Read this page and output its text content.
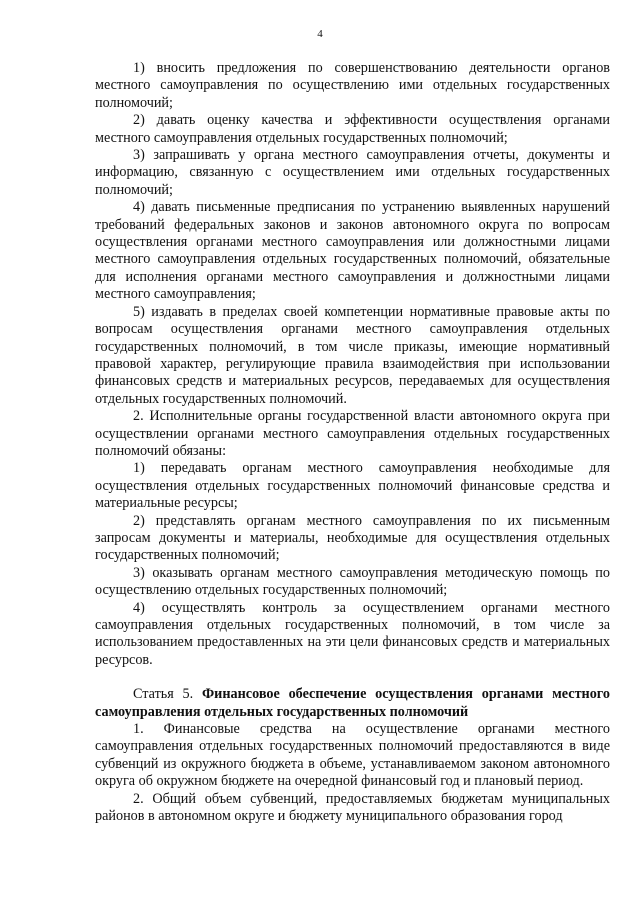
4

1) вносить предложения по совершенствованию деятельности органов местного самоуправления по осуществлению ими отдельных государственных полномочий;

2) давать оценку качества и эффективности осуществления органами местного самоуправления отдельных государственных полномочий;

3) запрашивать у органа местного самоуправления отчеты, документы и информацию, связанную с осуществлением ими отдельных государственных полномочий;

4) давать письменные предписания по устранению выявленных нарушений требований федеральных законов и законов автономного округа по вопросам осуществления органами местного самоуправления или должностными лицами местного самоуправления отдельных государственных полномочий, обязательные для исполнения органами местного самоуправления и должностными лицами местного самоуправления;

5) издавать в пределах своей компетенции нормативные правовые акты по вопросам осуществления органами местного самоуправления отдельных государственных полномочий, в том числе приказы, имеющие нормативный правовой характер, регулирующие правила взаимодействия при использовании финансовых средств и материальных ресурсов, передаваемых для осуществления отдельных государственных полномочий.

2. Исполнительные органы государственной власти автономного округа при осуществлении органами местного самоуправления отдельных государственных полномочий обязаны:

1) передавать органам местного самоуправления необходимые для осуществления отдельных государственных полномочий финансовые средства и материальные ресурсы;

2) представлять органам местного самоуправления по их письменным запросам документы и материалы, необходимые для осуществления отдельных государственных полномочий;

3) оказывать органам местного самоуправления методическую помощь по осуществлению отдельных государственных полномочий;

4) осуществлять контроль за осуществлением органами местного самоуправления отдельных государственных полномочий, в том числе за использованием предоставленных на эти цели финансовых средств и материальных ресурсов.

Статья 5. Финансовое обеспечение осуществления органами местного самоуправления отдельных государственных полномочий

1. Финансовые средства на осуществление органами местного самоуправления отдельных государственных полномочий предоставляются в виде субвенций из окружного бюджета в объеме, устанавливаемом законом автономного округа об окружном бюджете на очередной финансовый год и плановый период.

2. Общий объем субвенций, предоставляемых бюджетам муниципальных районов в автономном округе и бюджету муниципального образования город
